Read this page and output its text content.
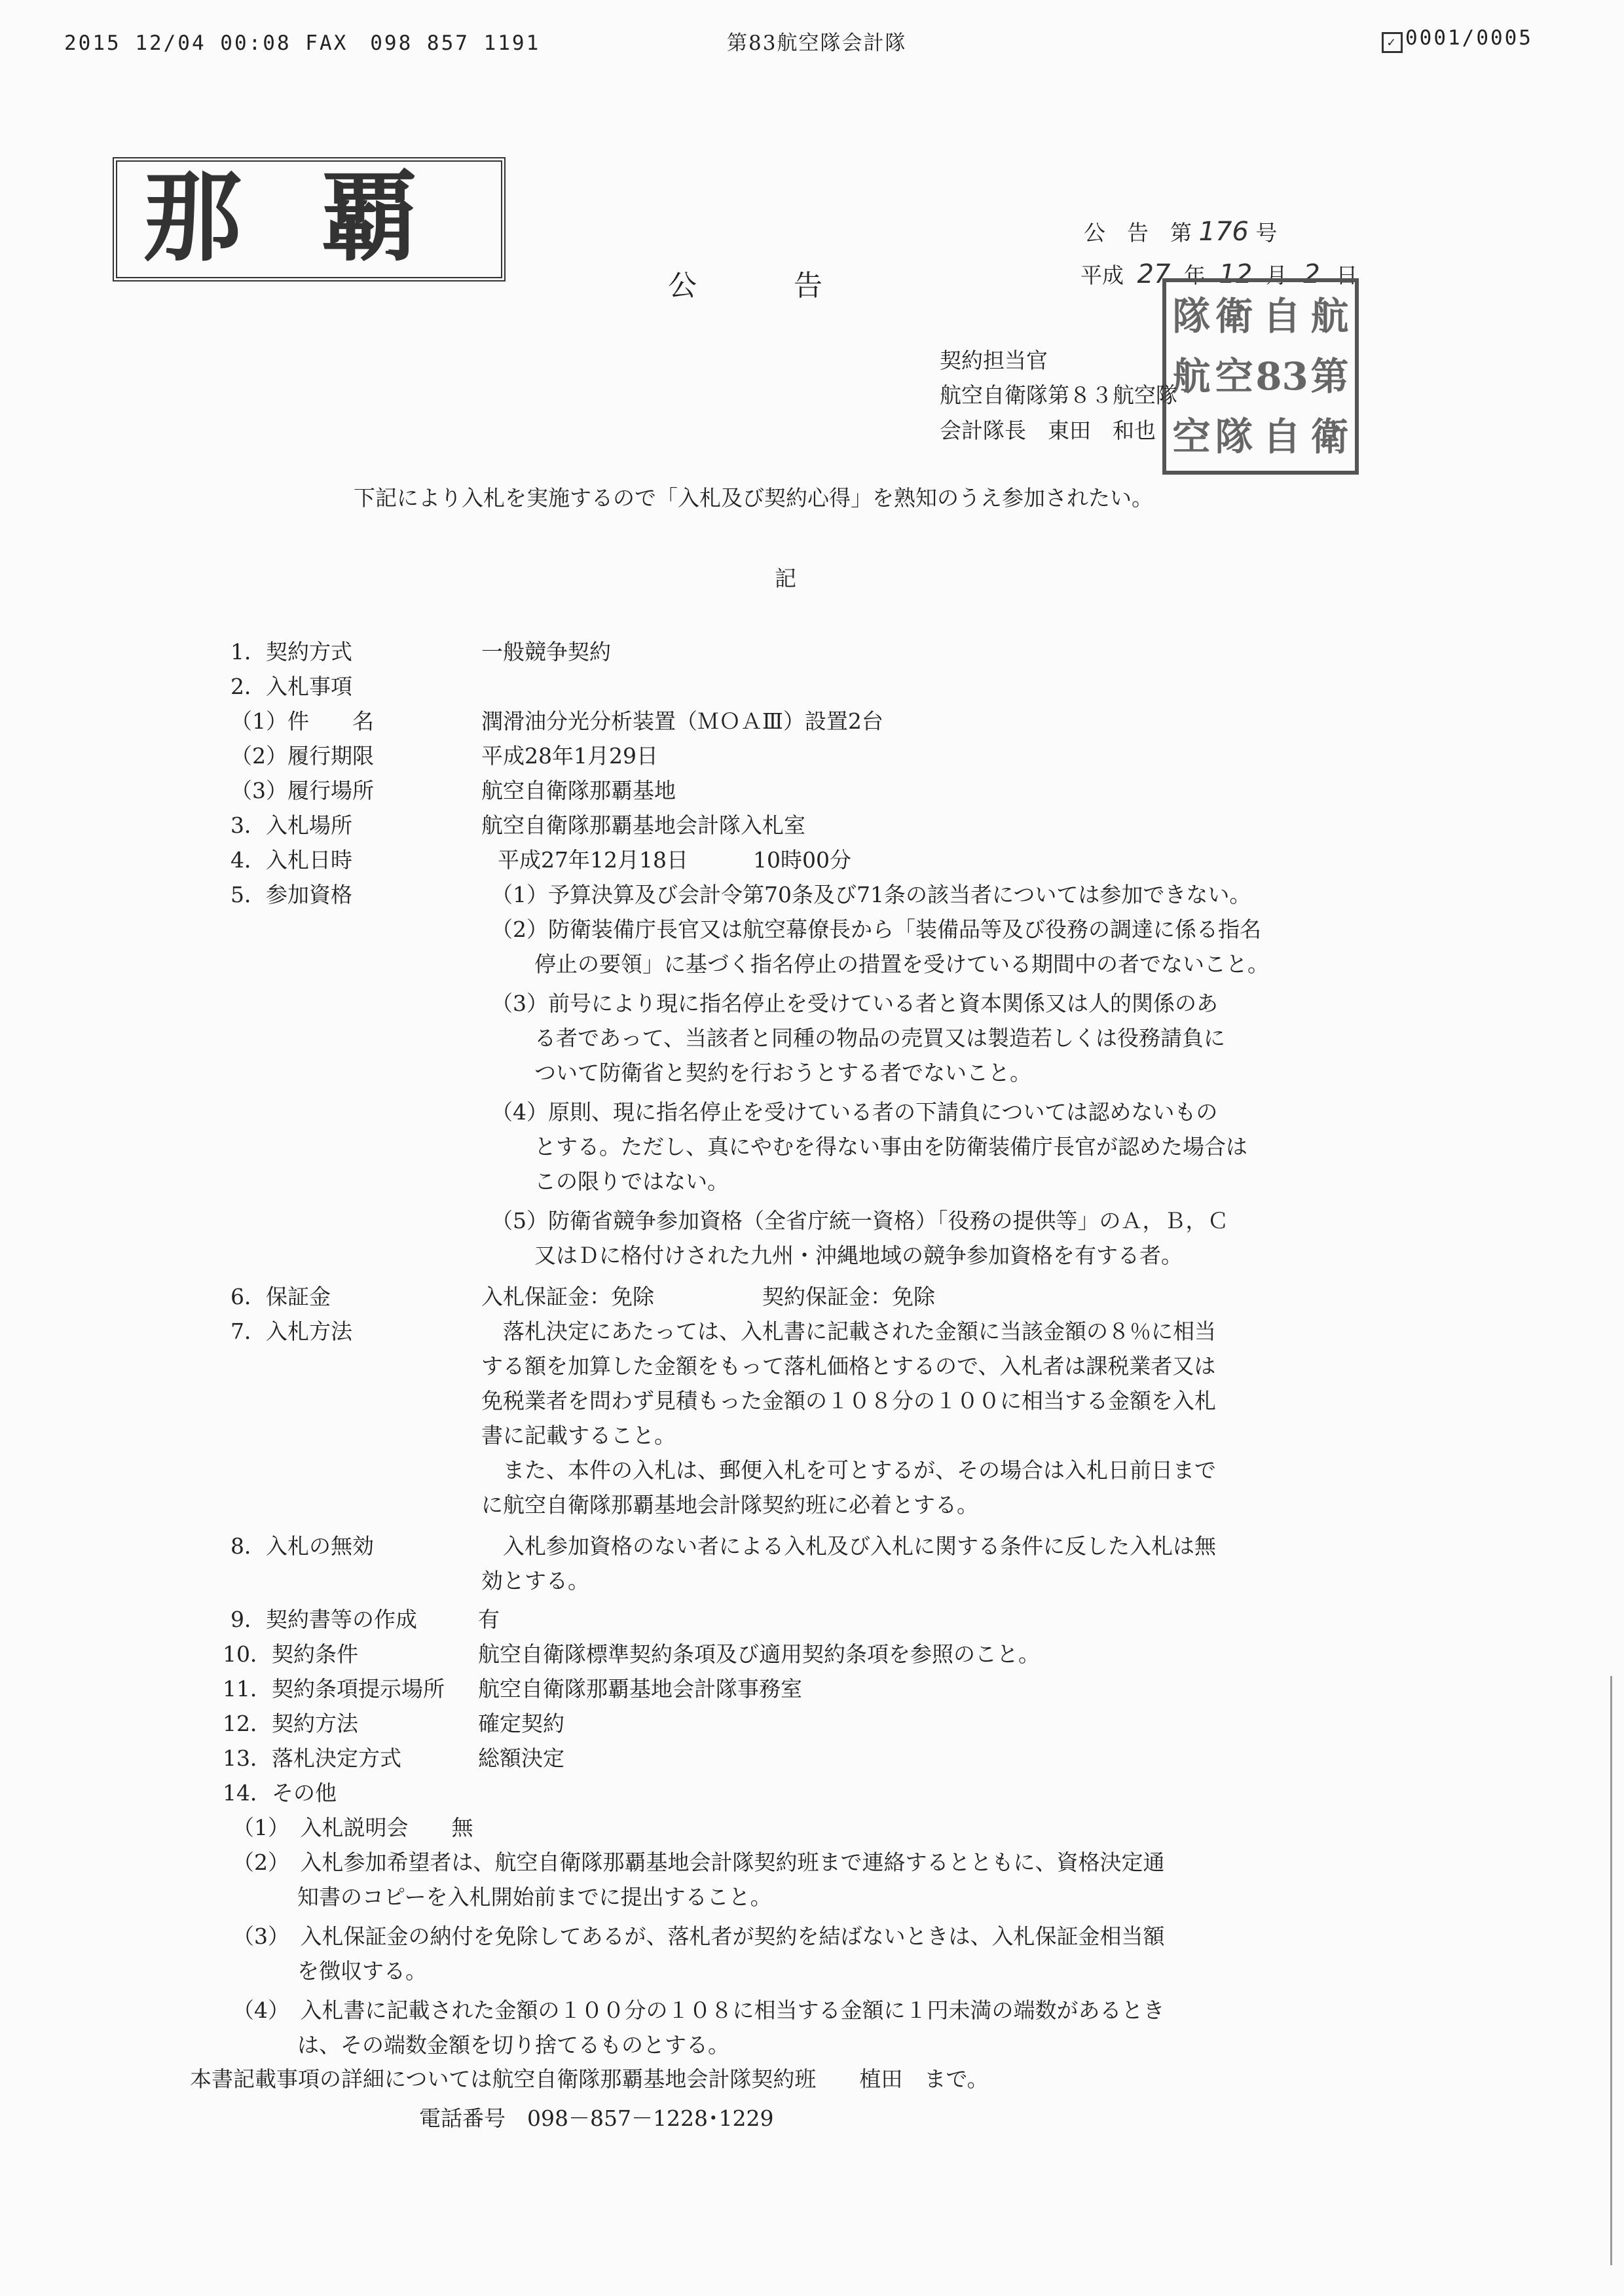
2015 12/04 00:08 FAX　098 857 1191	第83航空隊会計隊	✓ 0001/0005
那覇	公　告　第 176 号
公　　告	平成 27 年 12 月 2 日
隊 衛 自 航
航 空 83 第
空 隊 自 衛
契約担当官
航空自衛隊第８３航空隊
会計隊長　東田　和也
下記により入札を実施するので「入札及び契約心得」を熟知のうえ参加されたい。
記
1．契約方式	一般競争契約
2．入札事項
（1）件　　名	潤滑油分光分析装置（ＭＯＡⅢ）設置2台
（2）履行期限	平成28年1月29日
（3）履行場所	航空自衛隊那覇基地
3．入札場所	航空自衛隊那覇基地会計隊入札室
4．入札日時	平成27年12月18日　　　10時00分
5．参加資格	（1）予算決算及び会計令第70条及び71条の該当者については参加できない。
（2）防衛装備庁長官又は航空幕僚長から「装備品等及び役務の調達に係る指名
　　停止の要領」に基づく指名停止の措置を受けている期間中の者でないこと。
（3）前号により現に指名停止を受けている者と資本関係又は人的関係のあ
　　る者であって、当該者と同種の物品の売買又は製造若しくは役務請負に
　　ついて防衛省と契約を行おうとする者でないこと。
（4）原則、現に指名停止を受けている者の下請負については認めないもの
　　とする。ただし、真にやむを得ない事由を防衛装備庁長官が認めた場合は
　　この限りではない。
（5）防衛省競争参加資格（全省庁統一資格）「役務の提供等」のＡ，Ｂ，Ｃ
　　又はＤに格付けされた九州・沖縄地域の競争参加資格を有する者。
6．保証金	入札保証金：免除　　　　　契約保証金：免除
7．入札方法	　落札決定にあたっては、入札書に記載された金額に当該金額の８％に相当
する額を加算した金額をもって落札価格とするので、入札者は課税業者又は
免税業者を問わず見積もった金額の１０８分の１００に相当する金額を入札
書に記載すること。
　また、本件の入札は、郵便入札を可とするが、その場合は入札日前日まで
に航空自衛隊那覇基地会計隊契約班に必着とする。
8．入札の無効	　入札参加資格のない者による入札及び入札に関する条件に反した入札は無
効とする。
9．契約書等の作成	有
10．契約条件	航空自衛隊標準契約条項及び適用契約条項を参照のこと。
11．契約条項提示場所 航空自衛隊那覇基地会計隊事務室
12．契約方法	確定契約
13．落札決定方式	総額決定
14．その他
（1）　入札説明会　　無
（2）　入札参加希望者は、航空自衛隊那覇基地会計隊契約班まで連絡するとともに、資格決定通
　　　知書のコピーを入札開始前までに提出すること。
（3）　入札保証金の納付を免除してあるが、落札者が契約を結ばないときは、入札保証金相当額
　　　を徴収する。
（4）　入札書に記載された金額の１００分の１０８に相当する金額に１円未満の端数があるとき
　　　は、その端数金額を切り捨てるものとする。
本書記載事項の詳細については航空自衛隊那覇基地会計隊契約班　　植田　まで。
電話番号　098－857－1228･1229
